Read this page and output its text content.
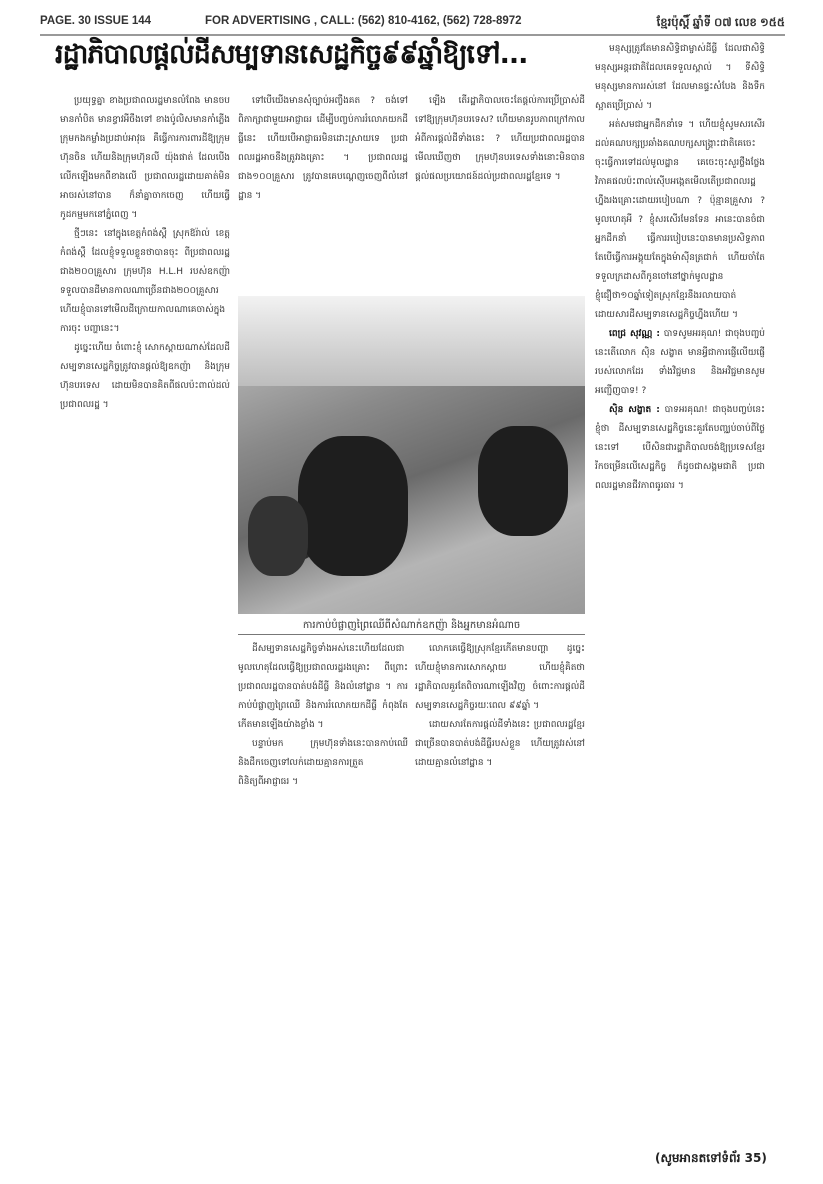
PAGE. 30 ISSUE 144	FOR ADVERTISING , CALL: (562) 810-4162, (562) 728-8972	ខ្មែរប៉ុស្តិ៍ ឆ្នាំទី ០៧ លេខ ១៥៥
រដ្ឋាភិបាលផ្តល់ដីសម្បទានសេដ្ឋកិច្ច៩៩ឆ្នាំឱ្យទៅ...

ប្រយុទ្ធគ្នា ខាងប្រជាពលរដ្ឋមានលំពែង មានចប មានកាំបិត មានខ្វាវអីចឹងទៅ ខាងប៉ូលិសមានកាំភ្លើង ក្រុមកងកម្លាំងប្រដាប់អាវុធ គឺធ្វើការការពារដីឱ្យក្រុមហ៊ុនចិន ហើយនិងក្រុមហ៊ុនលី យ៉ុងផាត់ ដែលបើងលើកឡើងមកពីខាងលើ ប្រជាពលរដ្ឋដោយគាត់មិនអាចរស់នៅបាន ក៏នាំគ្នាចាកចេញ ហើយធ្វើកូដកម្មមកនៅភ្នំពេញ ។

ថ្មីៗនេះ នៅក្នុងខេត្តកំពង់ស្ពឺ ស្រុកឱរ៉ាល់ ខេត្តកំពង់ស្ពឺ ដែលខ្ញុំទទួលខ្លួនថាបានចុះ ពីប្រជាពលរដ្ឋជាង២០០គ្រួសារ ក្រុមហ៊ុន H.L.H របស់ឧកញ៉ា ទទួលបានដីមានកាលណាច្រើនជាង២០០គ្រួសារ ហើយខ្ញុំបានទៅមើលដីក្រោយកាលណាគេចាស់ក្នុងការចុះ បញ្ហានេះ។

ដូច្នេះហើយ ចំពោះខ្ញុំ សោកស្តាយណាស់ដែលដីសម្បទានសេដ្ឋកិច្ចត្រូវបានផ្តល់ឱ្យឧកញ៉ា និងក្រុមហ៊ុនបរទេស ដោយមិនបានគិតពីផលប៉ះពាល់ដល់ប្រជាពលរដ្ឋ ។

ទៅបើយើងមានសុំច្បាប់អញ្ចឹងគត ? ចង់ទៅពិភាក្សាជាមួយអាជ្ញាធរ ដើម្បីបញ្ចប់ការរំលោភយកដីធ្លីនេះ ហើយបើអាជ្ញាធរមិនដោះស្រាយទេ ប្រជាពលរដ្ឋអាចនឹងត្រូវរងគ្រោះ ។ ប្រជាពលរដ្ឋជាង១០០គ្រួសារ ត្រូវបានគេបណ្តេញចេញពីលំនៅដ្ឋាន ។

ឡើង តើរដ្ឋាភិបាលចេះតែផ្តល់ការប្រើប្រាស់ដីទៅឱ្យក្រុមហ៊ុនបរទេស? ហើយមានរូបភាពក្រៅកាលអំពីការផ្តល់ដីទាំងនេះ ? ហើយប្រជាពលរដ្ឋបានមើលឃើញថា ក្រុមហ៊ុនបរទេសទាំងនោះមិនបានផ្តល់ផលប្រយោជន៍ដល់ប្រជាពលរដ្ឋខ្មែរទេ ។

ការកាប់បំផ្លាញព្រៃឈើពីសំណាក់ឧកញ៉ា និងអ្នកមានអំណាច

ដីសម្បទានសេដ្ឋកិច្ចទាំងអស់នេះហើយដែលជាមូលហេតុដែលធ្វើឱ្យប្រជាពលរដ្ឋរងគ្រោះ ពីព្រោះប្រជាពលរដ្ឋបានបាត់បង់ដីធ្លី និងលំនៅដ្ឋាន ។ ការកាប់បំផ្លាញព្រៃឈើ និងការរំលោភយកដីធ្លី កំពុងតែកើតមានឡើងយ៉ាងខ្លាំង ។

បន្ទាប់មក ក្រុមហ៊ុនទាំងនេះបានកាប់ឈើ និងដឹកចេញទៅលក់ដោយគ្មានការត្រួតពិនិត្យពីអាជ្ញាធរ ។

លោកគេធ្វើឱ្យស្រុកខ្មែរកើតមានបញ្ហា ដូច្នេះហើយខ្ញុំមានការសោកស្តាយ ហើយខ្ញុំគិតថា រដ្ឋាភិបាលគួរតែពិចារណាឡើងវិញ ចំពោះការផ្តល់ដីសម្បទានសេដ្ឋកិច្ចរយៈពេល ៩៩ឆ្នាំ ។

ដោយសារតែការផ្តល់ដីទាំងនេះ ប្រជាពលរដ្ឋខ្មែរជាច្រើនបានបាត់បង់ដីធ្លីរបស់ខ្លួន ហើយត្រូវរស់នៅដោយគ្មានលំនៅដ្ឋាន ។

មនុស្សត្រូវតែមានសិទ្ធិជាម្ចាស់ដីធ្លី ដែលជាសិទ្ធិមនុស្សអន្តរជាតិដែលគេទទួលស្គាល់ ។ ទីសិទ្ធិមនុស្សមានការរស់នៅ ដែលមានផ្ទះសំបែង និងទឹកស្អាតប្រើប្រាស់ ។

អត់សមជាអ្នកដឹកនាំទេ ។ ហើយខ្ញុំសូមសរសើរដល់គណបក្សប្រឆាំងគណបក្សសង្គ្រោះជាតិគេចេះចុះធ្វើការទៅដល់មូលដ្ឋាន គេចេះចុះសួរថ្លឹងថ្លែងវិភាគផលប៉ះពាល់ស៊ើបអង្កេតមើលតើប្រជាពលរដ្ឋហ្នឹងរងគ្រោះដោយរបៀបណា ? ប៉ុន្មានគ្រួសារ ? មូលហេតុអី ? ខ្ញុំសរសើរមែនទែន អានេះបានចំជាអ្នកដឹកនាំ ធ្វើការរបៀបនេះបានមានប្រសិទ្ធភាព តែបើធ្វើការអង្គុយតែក្នុងម៉ាស៊ីនត្រជាក់ ហើយចាំតែទទួលក្រដាសពីកូនចៅនៅថ្នាក់មូលដ្ឋាន ខ្ញុំជឿថា១០ឆ្នាំទៀតស្រុកខ្មែរនឹងរលាយបាត់ដោយសារដីសម្បទានសេដ្ឋកិច្ចហ្នឹងហើយ ។

ពេជ្រ សុវណ្ណ : បាទសូមអរគុណ! ជាចុងបញ្ចប់នេះតើលោក ស៊ិន សង្ខាត មានអ្វីជាការផ្ញើលើយផ្ញើរបស់លោកដែរ ទាំងវិជ្ជមាន និងអវិជ្ជមានសូមអញ្ជើញបាទ! ?

ស៊ិន សង្ខាត : បាទអរគុណ! ជាចុងបញ្ចប់នេះខ្ញុំថា ដីសម្បទានសេដ្ឋកិច្ចនេះគួរតែបញ្ឈប់ចាប់ពីថ្ងៃនេះទៅ បើសិនជារដ្ឋាភិបាលចង់ឱ្យប្រទេសខ្មែររីកចម្រើនលើសេដ្ឋកិច្ច ក៏ដូចជាសង្គមជាតិ ប្រជាពលរដ្ឋមានជីវភាពធូរធារ ។

(សូមអានតទៅទំព័រ 35)
